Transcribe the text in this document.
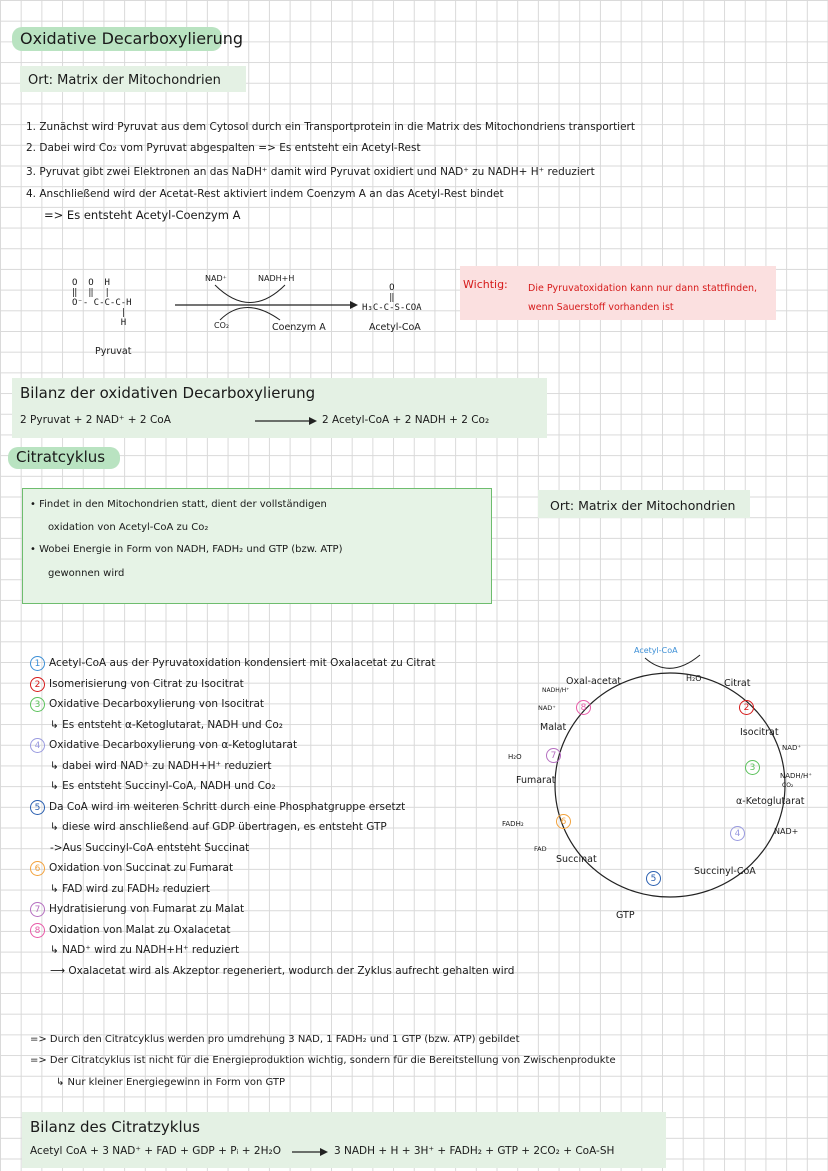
Oxidative Decarboxylierung
Ort: Matrix der Mitochondrien
1. Zunächst wird Pyruvat aus dem Cytosol durch ein Transportprotein in die Matrix des Mitochondriens transportiert
2. Dabei wird Co₂ vom Pyruvat abgespalten => Es entsteht ein Acetyl-Rest
3. Pyruvat gibt zwei Elektronen an das NaDH⁺ damit wird Pyruvat oxidiert und NAD⁺ zu NADH+ H⁺ reduziert
4. Anschließend wird der Acetat-Rest aktiviert indem Coenzym A an das Acetyl-Rest bindet
=> Es entsteht Acetyl-Coenzym A
O  O  H
‖  ‖  |
O⁻- C-C-C-H
|
H
Pyruvat
NAD⁺	NADH+H
CO₂	Coenzym A
O
‖
H₃C-C-S-COA
Acetyl-CoA
Wichtig: Die Pyruvatoxidation kann nur dann stattfinden, wenn Sauerstoff vorhanden ist
Bilanz der oxidativen Decarboxylierung
2 Pyruvat + 2 NAD⁺ + 2 CoA	2 Acetyl-CoA + 2 NADH + 2 Co₂
Citratcyklus
• Findet in den Mitochondrien statt, dient der vollständigen
oxidation von Acetyl-CoA zu Co₂
• Wobei Energie in Form von NADH, FADH₂ und GTP (bzw. ATP)
gewonnen wird
Ort: Matrix der Mitochondrien
1 Acetyl-CoA aus der Pyruvatoxidation kondensiert mit Oxalacetat zu Citrat
2 Isomerisierung von Citrat zu Isocitrat
3 Oxidative Decarboxylierung von Isocitrat
↳ Es entsteht α-Ketoglutarat, NADH und Co₂
4 Oxidative Decarboxylierung von α-Ketoglutarat
↳ dabei wird NAD⁺ zu NADH+H⁺ reduziert
↳ Es entsteht Succinyl-CoA, NADH und Co₂
5 Da CoA wird im weiteren Schritt durch eine Phosphatgruppe ersetzt
↳ diese wird anschließend auf GDP übertragen, es entsteht GTP
->Aus Succinyl-CoA entsteht Succinat
6 Oxidation von Succinat zu Fumarat
↳ FAD wird zu FADH₂ reduziert
7 Hydratisierung von Fumarat zu Malat
8 Oxidation von Malat zu Oxalacetat
↳ NAD⁺ wird zu NADH+H⁺ reduziert
⟶ Oxalacetat wird als Akzeptor regeneriert, wodurch der Zyklus aufrecht gehalten wird
Acetyl-CoA
H₂O
Oxal-acetat	Citrat
Isocitrat
α-Ketoglutarat
Succinyl-CoA
Succinat
Fumarat
Malat
GTP
NADH/H⁺
NAD⁺
NAD⁺
NADH/H⁺
CO₂
NAD+
FADH₂
FAD
H₂O
8	2
7
3
6
4
5
=> Durch den Citratcyklus werden pro umdrehung 3 NAD, 1 FADH₂ und 1 GTP (bzw. ATP) gebildet
=> Der Citratcyklus ist nicht für die Energieproduktion wichtig, sondern für die Bereitstellung von Zwischenprodukte
↳ Nur kleiner Energiegewinn in Form von GTP
Bilanz des Citratzyklus
Acetyl CoA + 3 NAD⁺ + FAD + GDP + Pᵢ + 2H₂O	3 NADH + H + 3H⁺ + FADH₂ + GTP + 2CO₂ + CoA-SH
